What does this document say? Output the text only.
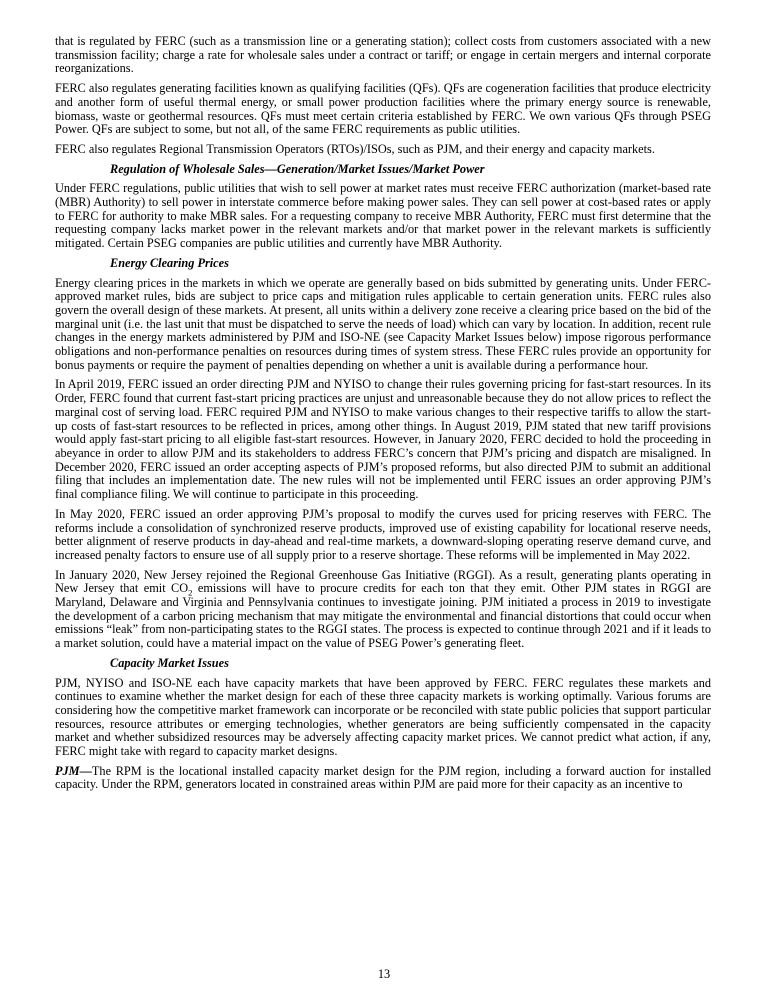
that is regulated by FERC (such as a transmission line or a generating station); collect costs from customers associated with a new transmission facility; charge a rate for wholesale sales under a contract or tariff; or engage in certain mergers and internal corporate reorganizations.

FERC also regulates generating facilities known as qualifying facilities (QFs). QFs are cogeneration facilities that produce electricity and another form of useful thermal energy, or small power production facilities where the primary energy source is renewable, biomass, waste or geothermal resources. QFs must meet certain criteria established by FERC. We own various QFs through PSEG Power. QFs are subject to some, but not all, of the same FERC requirements as public utilities.

FERC also regulates Regional Transmission Operators (RTOs)/ISOs, such as PJM, and their energy and capacity markets.

Regulation of Wholesale Sales—Generation/Market Issues/Market Power

Under FERC regulations, public utilities that wish to sell power at market rates must receive FERC authorization (market-based rate (MBR) Authority) to sell power in interstate commerce before making power sales. They can sell power at cost-based rates or apply to FERC for authority to make MBR sales. For a requesting company to receive MBR Authority, FERC must first determine that the requesting company lacks market power in the relevant markets and/or that market power in the relevant markets is sufficiently mitigated. Certain PSEG companies are public utilities and currently have MBR Authority.

Energy Clearing Prices

Energy clearing prices in the markets in which we operate are generally based on bids submitted by generating units. Under FERC-approved market rules, bids are subject to price caps and mitigation rules applicable to certain generation units. FERC rules also govern the overall design of these markets. At present, all units within a delivery zone receive a clearing price based on the bid of the marginal unit (i.e. the last unit that must be dispatched to serve the needs of load) which can vary by location. In addition, recent rule changes in the energy markets administered by PJM and ISO-NE (see Capacity Market Issues below) impose rigorous performance obligations and non-performance penalties on resources during times of system stress. These FERC rules provide an opportunity for bonus payments or require the payment of penalties depending on whether a unit is available during a performance hour.

In April 2019, FERC issued an order directing PJM and NYISO to change their rules governing pricing for fast-start resources. In its Order, FERC found that current fast-start pricing practices are unjust and unreasonable because they do not allow prices to reflect the marginal cost of serving load. FERC required PJM and NYISO to make various changes to their respective tariffs to allow the start-up costs of fast-start resources to be reflected in prices, among other things. In August 2019, PJM stated that new tariff provisions would apply fast-start pricing to all eligible fast-start resources. However, in January 2020, FERC decided to hold the proceeding in abeyance in order to allow PJM and its stakeholders to address FERC’s concern that PJM’s pricing and dispatch are misaligned. In December 2020, FERC issued an order accepting aspects of PJM’s proposed reforms, but also directed PJM to submit an additional filing that includes an implementation date. The new rules will not be implemented until FERC issues an order approving PJM’s final compliance filing. We will continue to participate in this proceeding.

In May 2020, FERC issued an order approving PJM’s proposal to modify the curves used for pricing reserves with FERC. The reforms include a consolidation of synchronized reserve products, improved use of existing capability for locational reserve needs, better alignment of reserve products in day-ahead and real-time markets, a downward-sloping operating reserve demand curve, and increased penalty factors to ensure use of all supply prior to a reserve shortage. These reforms will be implemented in May 2022.

In January 2020, New Jersey rejoined the Regional Greenhouse Gas Initiative (RGGI). As a result, generating plants operating in New Jersey that emit $CO_2$ emissions will have to procure credits for each ton that they emit. Other PJM states in RGGI are Maryland, Delaware and Virginia and Pennsylvania continues to investigate joining. PJM initiated a process in 2019 to investigate the development of a carbon pricing mechanism that may mitigate the environmental and financial distortions that could occur when emissions “leak” from non-participating states to the RGGI states. The process is expected to continue through 2021 and if it leads to a market solution, could have a material impact on the value of PSEG Power’s generating fleet.

Capacity Market Issues

PJM, NYISO and ISO-NE each have capacity markets that have been approved by FERC. FERC regulates these markets and continues to examine whether the market design for each of these three capacity markets is working optimally. Various forums are considering how the competitive market framework can incorporate or be reconciled with state public policies that support particular resources, resource attributes or emerging technologies, whether generators are being sufficiently compensated in the capacity market and whether subsidized resources may be adversely affecting capacity market prices. We cannot predict what action, if any, FERC might take with regard to capacity market designs.

PJM—The RPM is the locational installed capacity market design for the PJM region, including a forward auction for installed capacity. Under the RPM, generators located in constrained areas within PJM are paid more for their capacity as an incentive to

13
